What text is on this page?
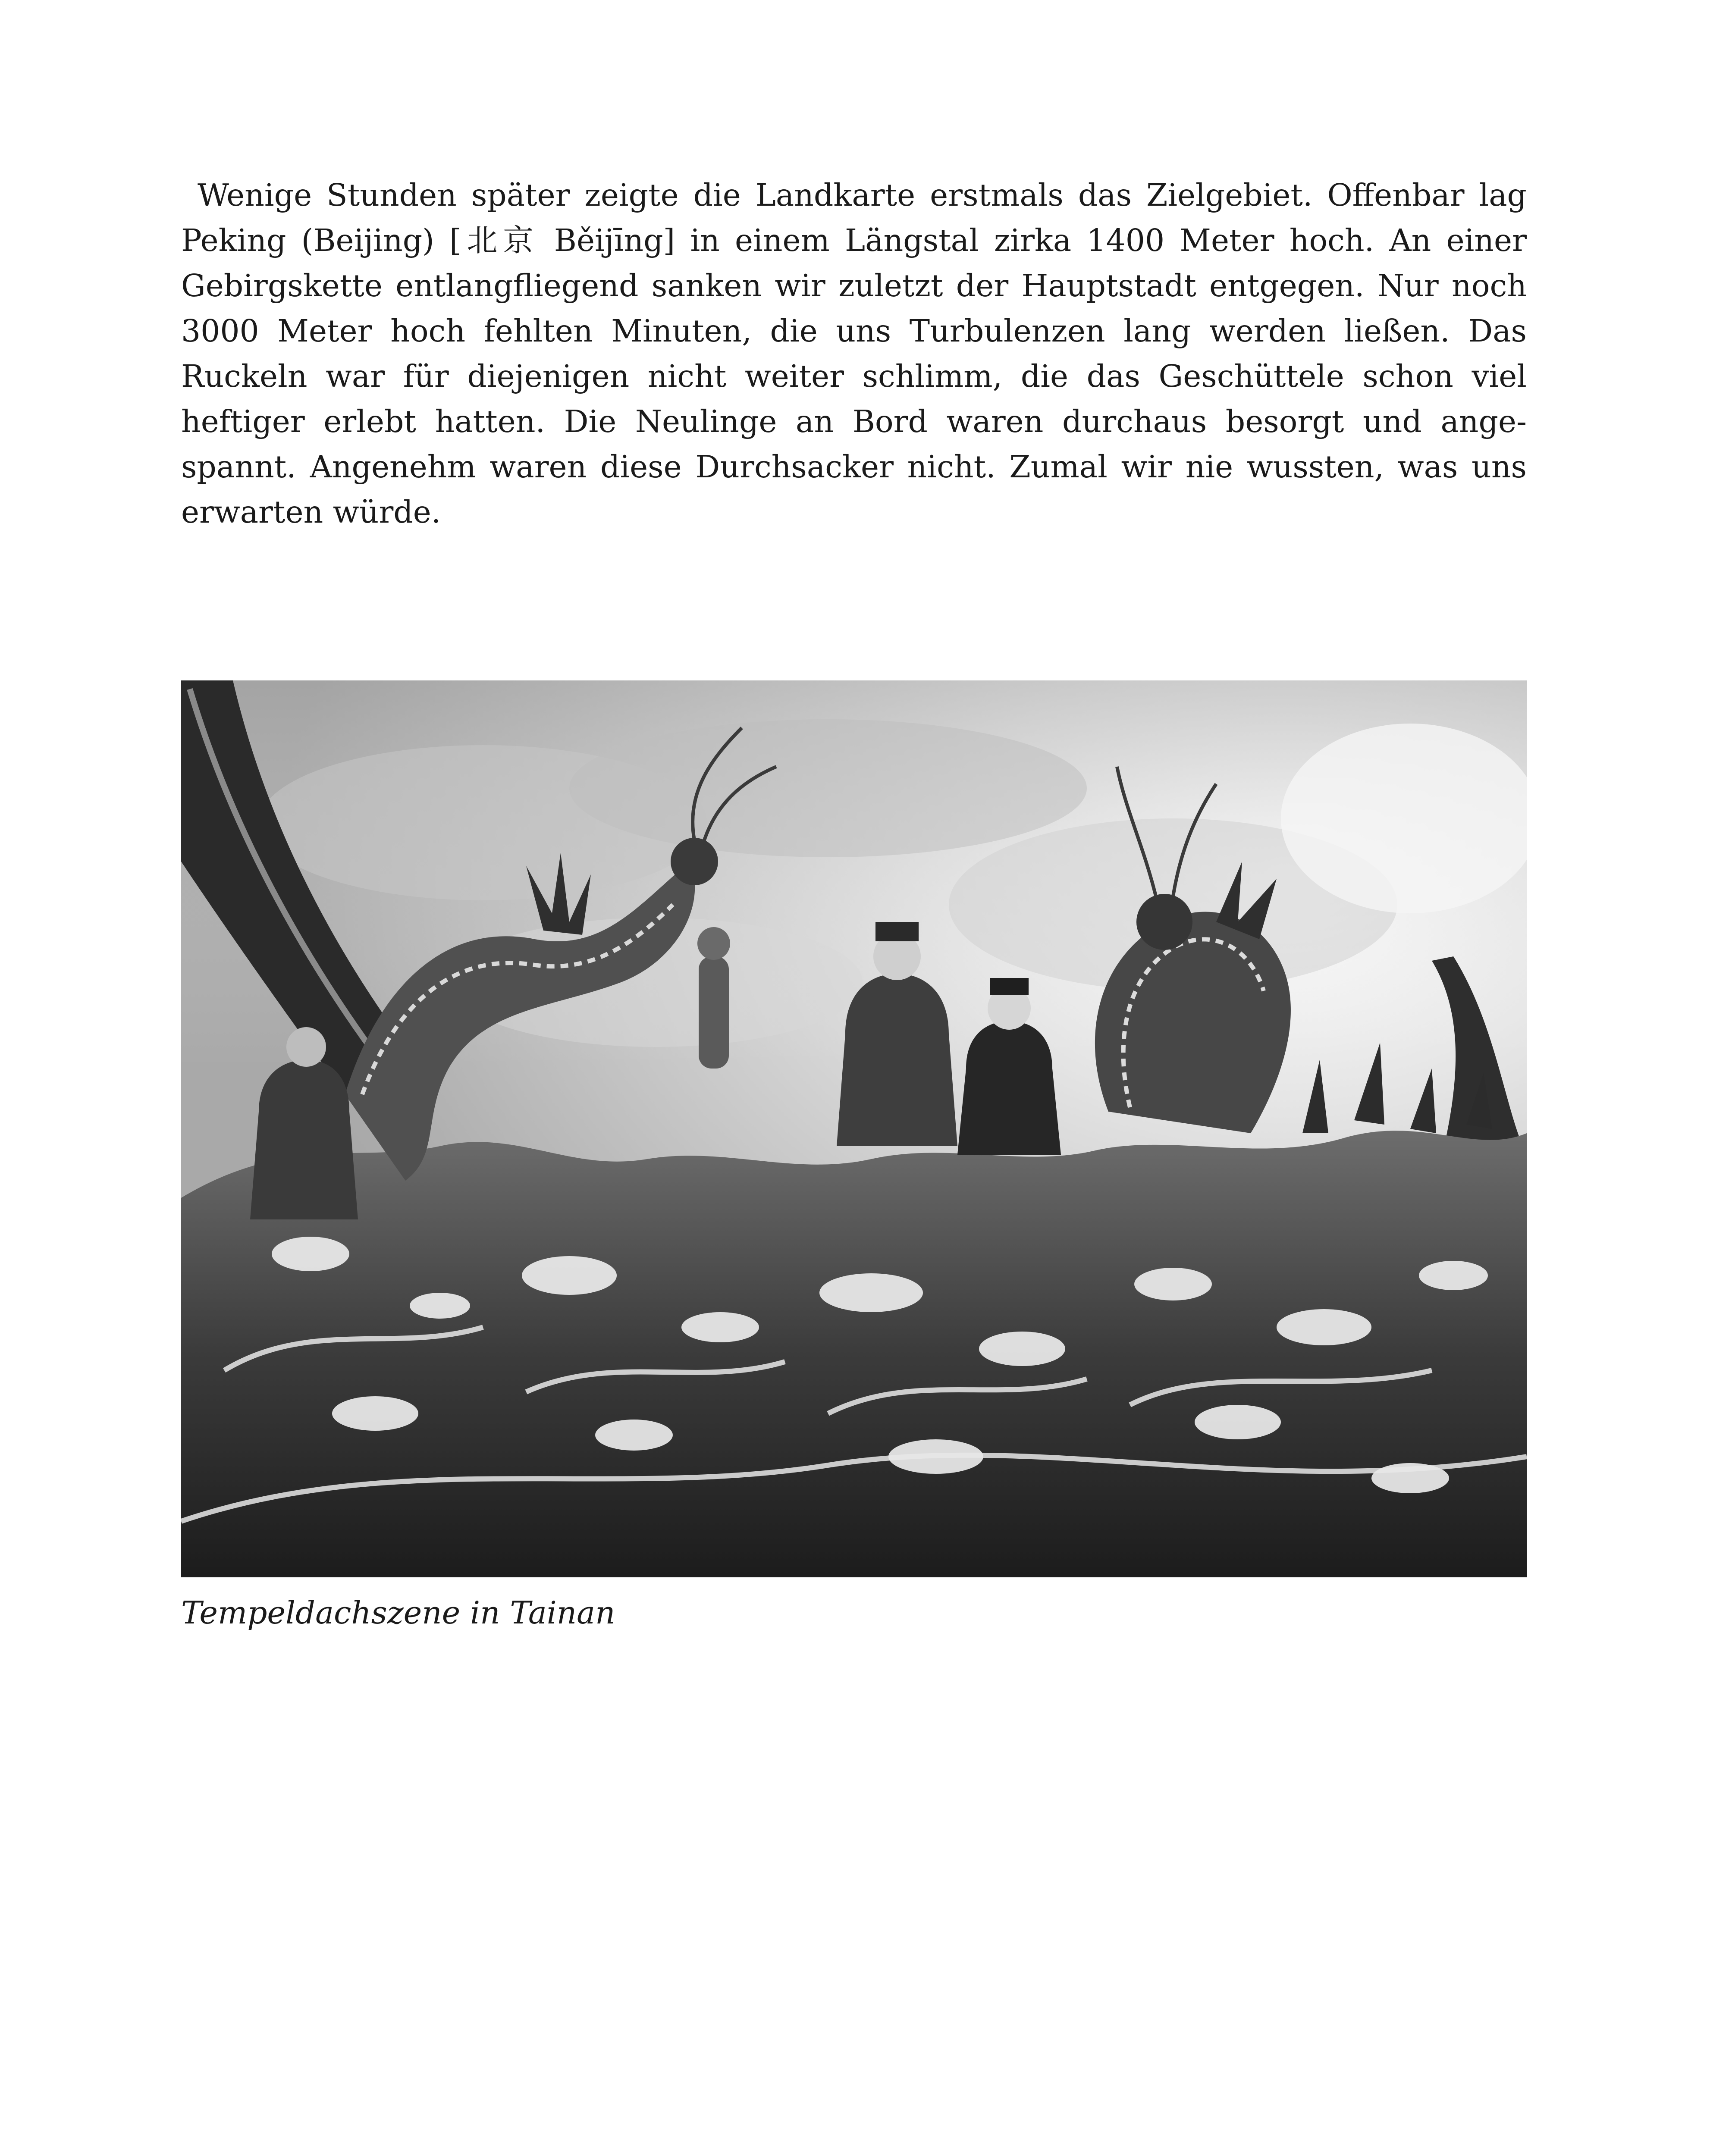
Wenige Stunden später zeigte die Landkarte erstmals das Zielgebiet. Offenbar lag Peking (Beijing) [北京 Běijīng] in einem Längstal zirka 1400 Meter hoch. An einer Gebirgskette entlangfliegend sanken wir zuletzt der Hauptstadt entgegen. Nur noch 3000 Meter hoch fehlten Minuten, die uns Turbulenzen lang werden ließen. Das Ruckeln war für diejenigen nicht weiter schlimm, die das Geschüttele schon viel heftiger erlebt hatten. Die Neulinge an Bord waren durchaus besorgt und angespannt. Angenehm waren diese Durchsacker nicht. Zumal wir nie wussten, was uns erwarten würde.

Tempeldachszene in Tainan
